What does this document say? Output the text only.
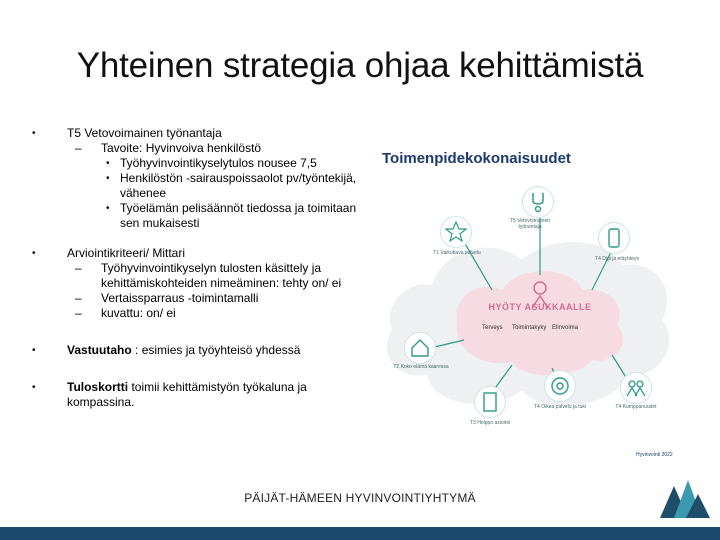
Yhteinen strategia ohjaa kehittämistä
•	T5 Vetovoimainen työnantaja
– Tavoite: Hyvinvoiva henkilöstö
• Työhyvinvointikyselytulos nousee 7,5
• Henkilöstön -sairauspoissaolot pv/työntekijä, vähenee
• Työelämän pelisäännöt tiedossa ja toimitaan sen mukaisesti
•	Arviointikriteeri/ Mittari
– Työhyvinvointikyselyn tulosten käsittely ja kehittämiskohteiden nimeäminen: tehty on/ ei
– Vertaissparraus -toimintamalli
– kuvattu: on/ ei
•	Vastuutaho : esimies ja työyhteisö yhdessä
•	Tuloskortti toimii kehittämistyön työkaluna ja kompassina.
Toimenpidekokonaisuudet
T5 Vetovoimainen työnantaja
T1 Vaikuttava palvelu
T4 Digi ja etäyhteys
T2 Koko elämä kaaressa
T3 Helppo asiointi
T4 Oikea palvelu ja tuki	T4 Kumppanuudet
HYÖTY ASUKKAALLE
Terveys Toimintakyky Elinvoima
Hyvinvointi 2022
PÄIJÄT-HÄMEEN HYVINVOINTIYHTYMÄ
